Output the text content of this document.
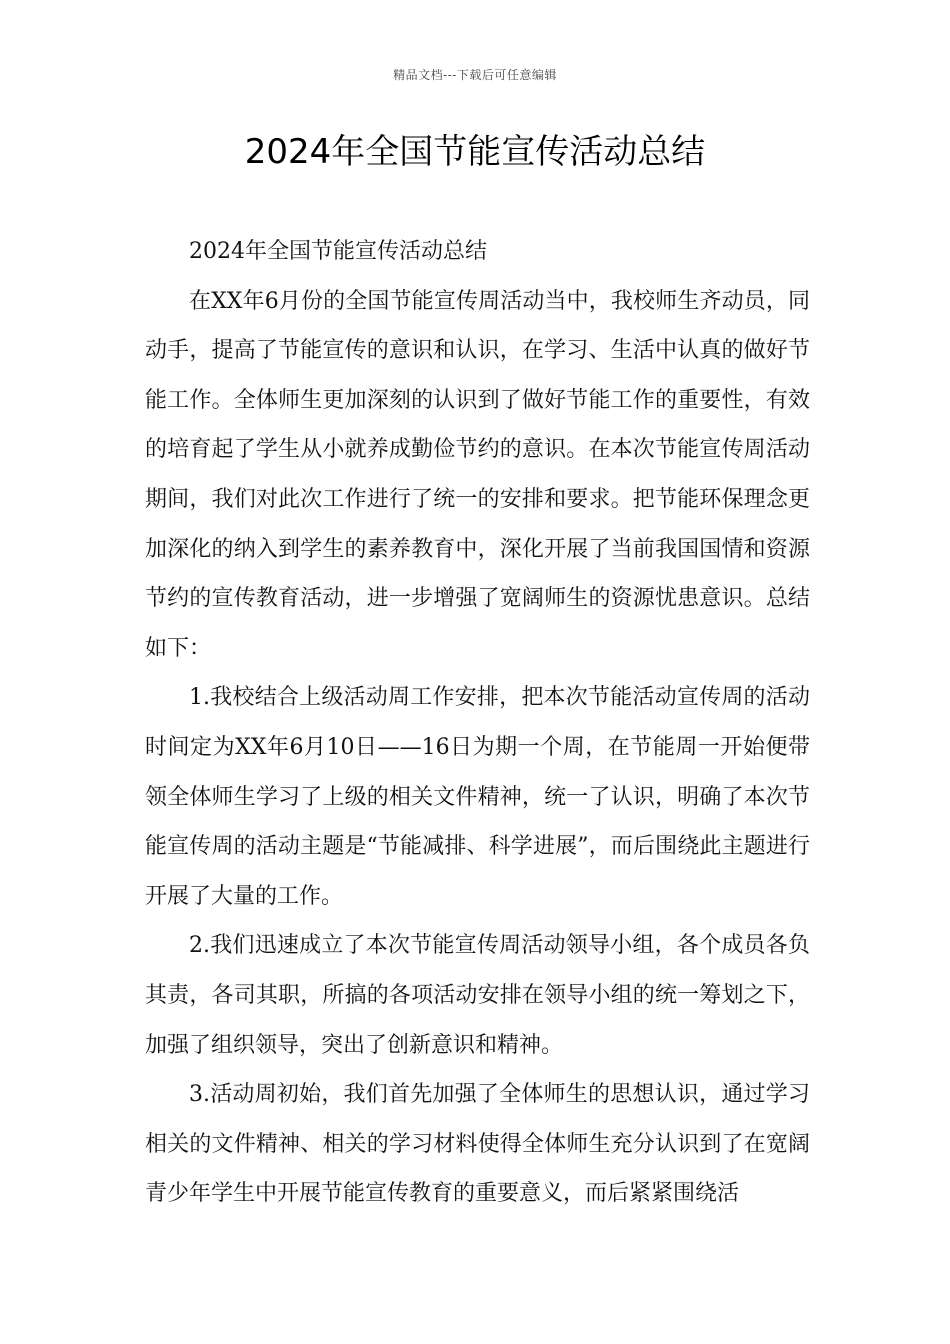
精品文档---下载后可任意编辑
2024年全国节能宣传活动总结

2024年全国节能宣传活动总结

在XX年6月份的全国节能宣传周活动当中，我校师生齐动员，同动手，提高了节能宣传的意识和认识，在学习、生活中认真的做好节能工作。全体师生更加深刻的认识到了做好节能工作的重要性，有效的培育起了学生从小就养成勤俭节约的意识。在本次节能宣传周活动期间，我们对此次工作进行了统一的安排和要求。把节能环保理念更加深化的纳入到学生的素养教育中，深化开展了当前我国国情和资源节约的宣传教育活动，进一步增强了宽阔师生的资源忧患意识。总结如下：

1.我校结合上级活动周工作安排，把本次节能活动宣传周的活动时间定为XX年6月10日——16日为期一个周，在节能周一开始便带领全体师生学习了上级的相关文件精神，统一了认识，明确了本次节能宣传周的活动主题是“节能减排、科学进展”，而后围绕此主题进行开展了大量的工作。

2.我们迅速成立了本次节能宣传周活动领导小组，各个成员各负其责，各司其职，所搞的各项活动安排在领导小组的统一筹划之下，加强了组织领导，突出了创新意识和精神。

3.活动周初始，我们首先加强了全体师生的思想认识，通过学习相关的文件精神、相关的学习材料使得全体师生充分认识到了在宽阔青少年学生中开展节能宣传教育的重要意义，而后紧紧围绕活
